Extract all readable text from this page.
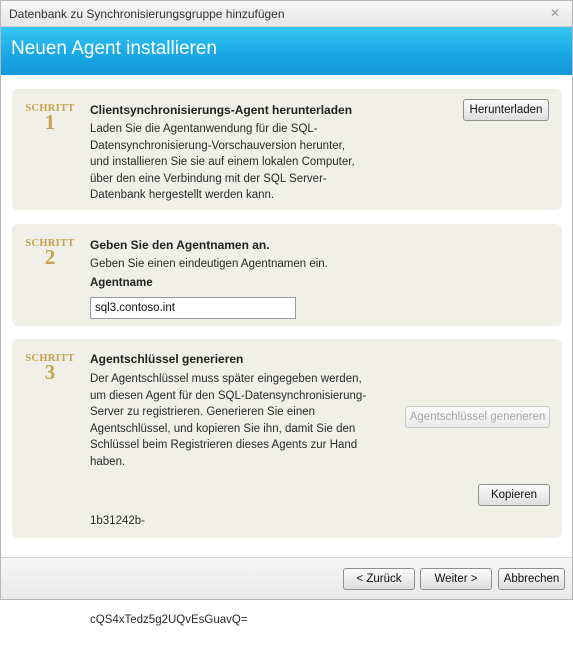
Datenbank zu Synchronisierungsgruppe hinzufügen	✕
Neuen Agent installieren
SCHRITT
1	Clientsynchronisierungs-Agent herunterladen
Laden Sie die Agentanwendung für die SQL-
Datensynchronisierung-Vorschauversion herunter,
und installieren Sie sie auf einem lokalen Computer,
über den eine Verbindung mit der SQL Server-
Datenbank hergestellt werden kann.
Herunterladen
SCHRITT
2	Geben Sie den Agentnamen an.
Geben Sie einen eindeutigen Agentnamen ein.
Agentname
sql3.contoso.int
SCHRITT
3
Agentschlüssel generieren
Der Agentschlüssel muss später eingegeben werden,
um diesen Agent für den SQL-Datensynchronisierung-
Server zu registrieren. Generieren Sie einen
Agentschlüssel, und kopieren Sie ihn, damit Sie den
Schlüssel beim Registrieren dieses Agents zur Hand
haben.
Agentschlüssel generieren

1b31242b-

cQS4xTedz5g2UQvEsGuavQ=

Kopieren
< Zurück	Weiter >	Abbrechen
